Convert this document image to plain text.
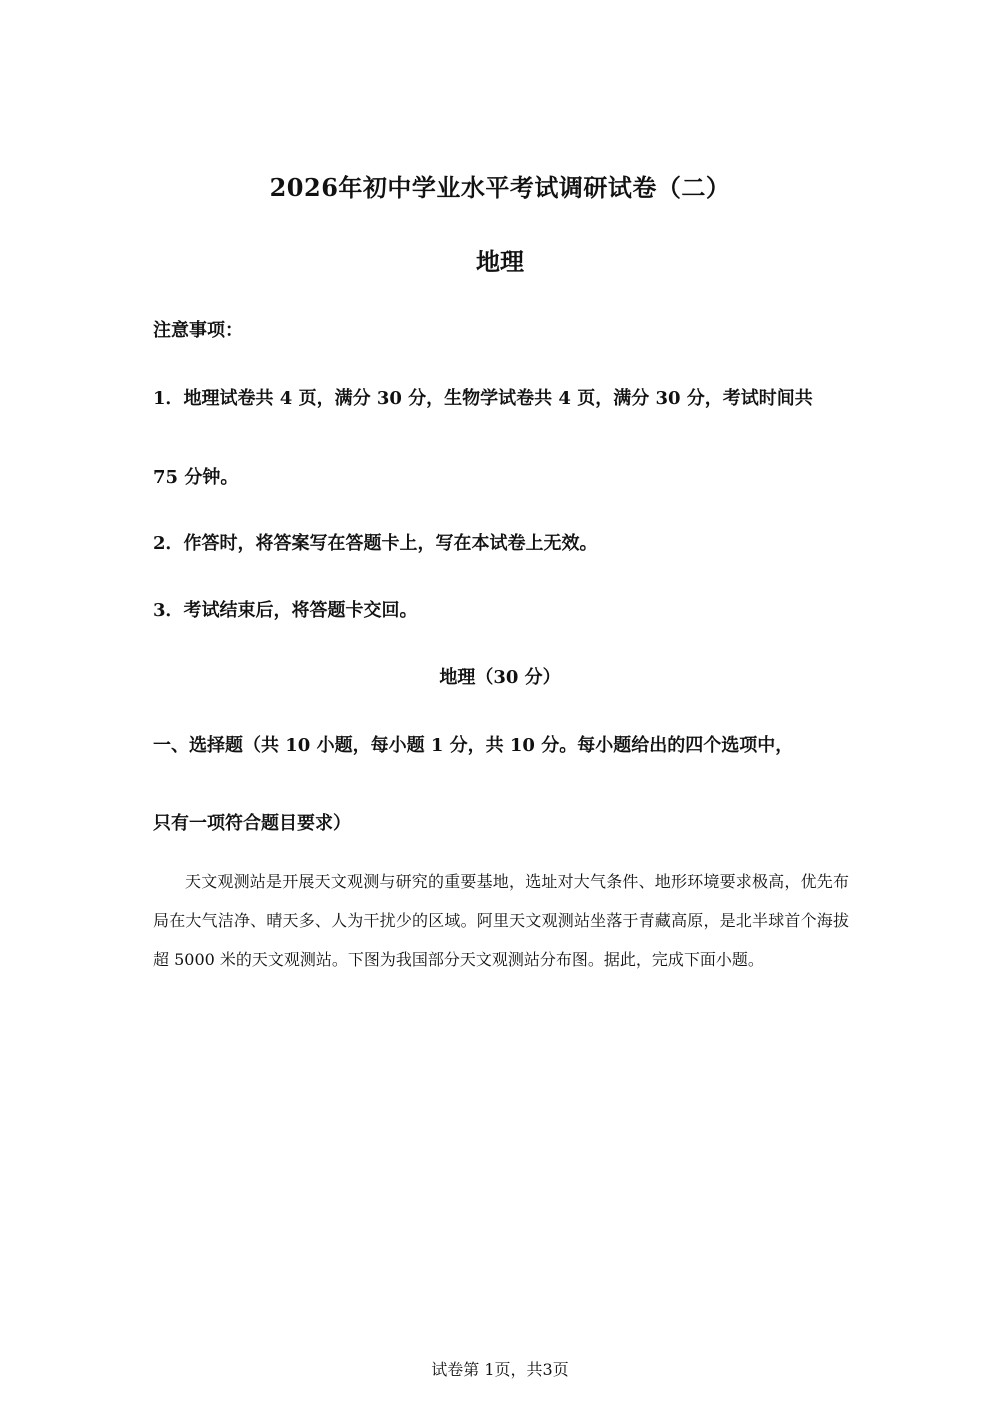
2026年初中学业水平考试调研试卷（二）
地理
注意事项：
1．地理试卷共 4 页，满分 30 分，生物学试卷共 4 页，满分 30 分，考试时间共
75 分钟。
2．作答时，将答案写在答题卡上，写在本试卷上无效。
3．考试结束后，将答题卡交回。
地理（30 分）
一、选择题（共 10 小题，每小题 1 分，共 10 分。每小题给出的四个选项中，
只有一项符合题目要求）
天文观测站是开展天文观测与研究的重要基地，选址对大气条件、地形环境要求极高，优先布局在大气洁净、晴天多、人为干扰少的区域。阿里天文观测站坐落于青藏高原，是北半球首个海拔超 5000 米的天文观测站。下图为我国部分天文观测站分布图。据此，完成下面小题。
试卷第 1页，共3页
